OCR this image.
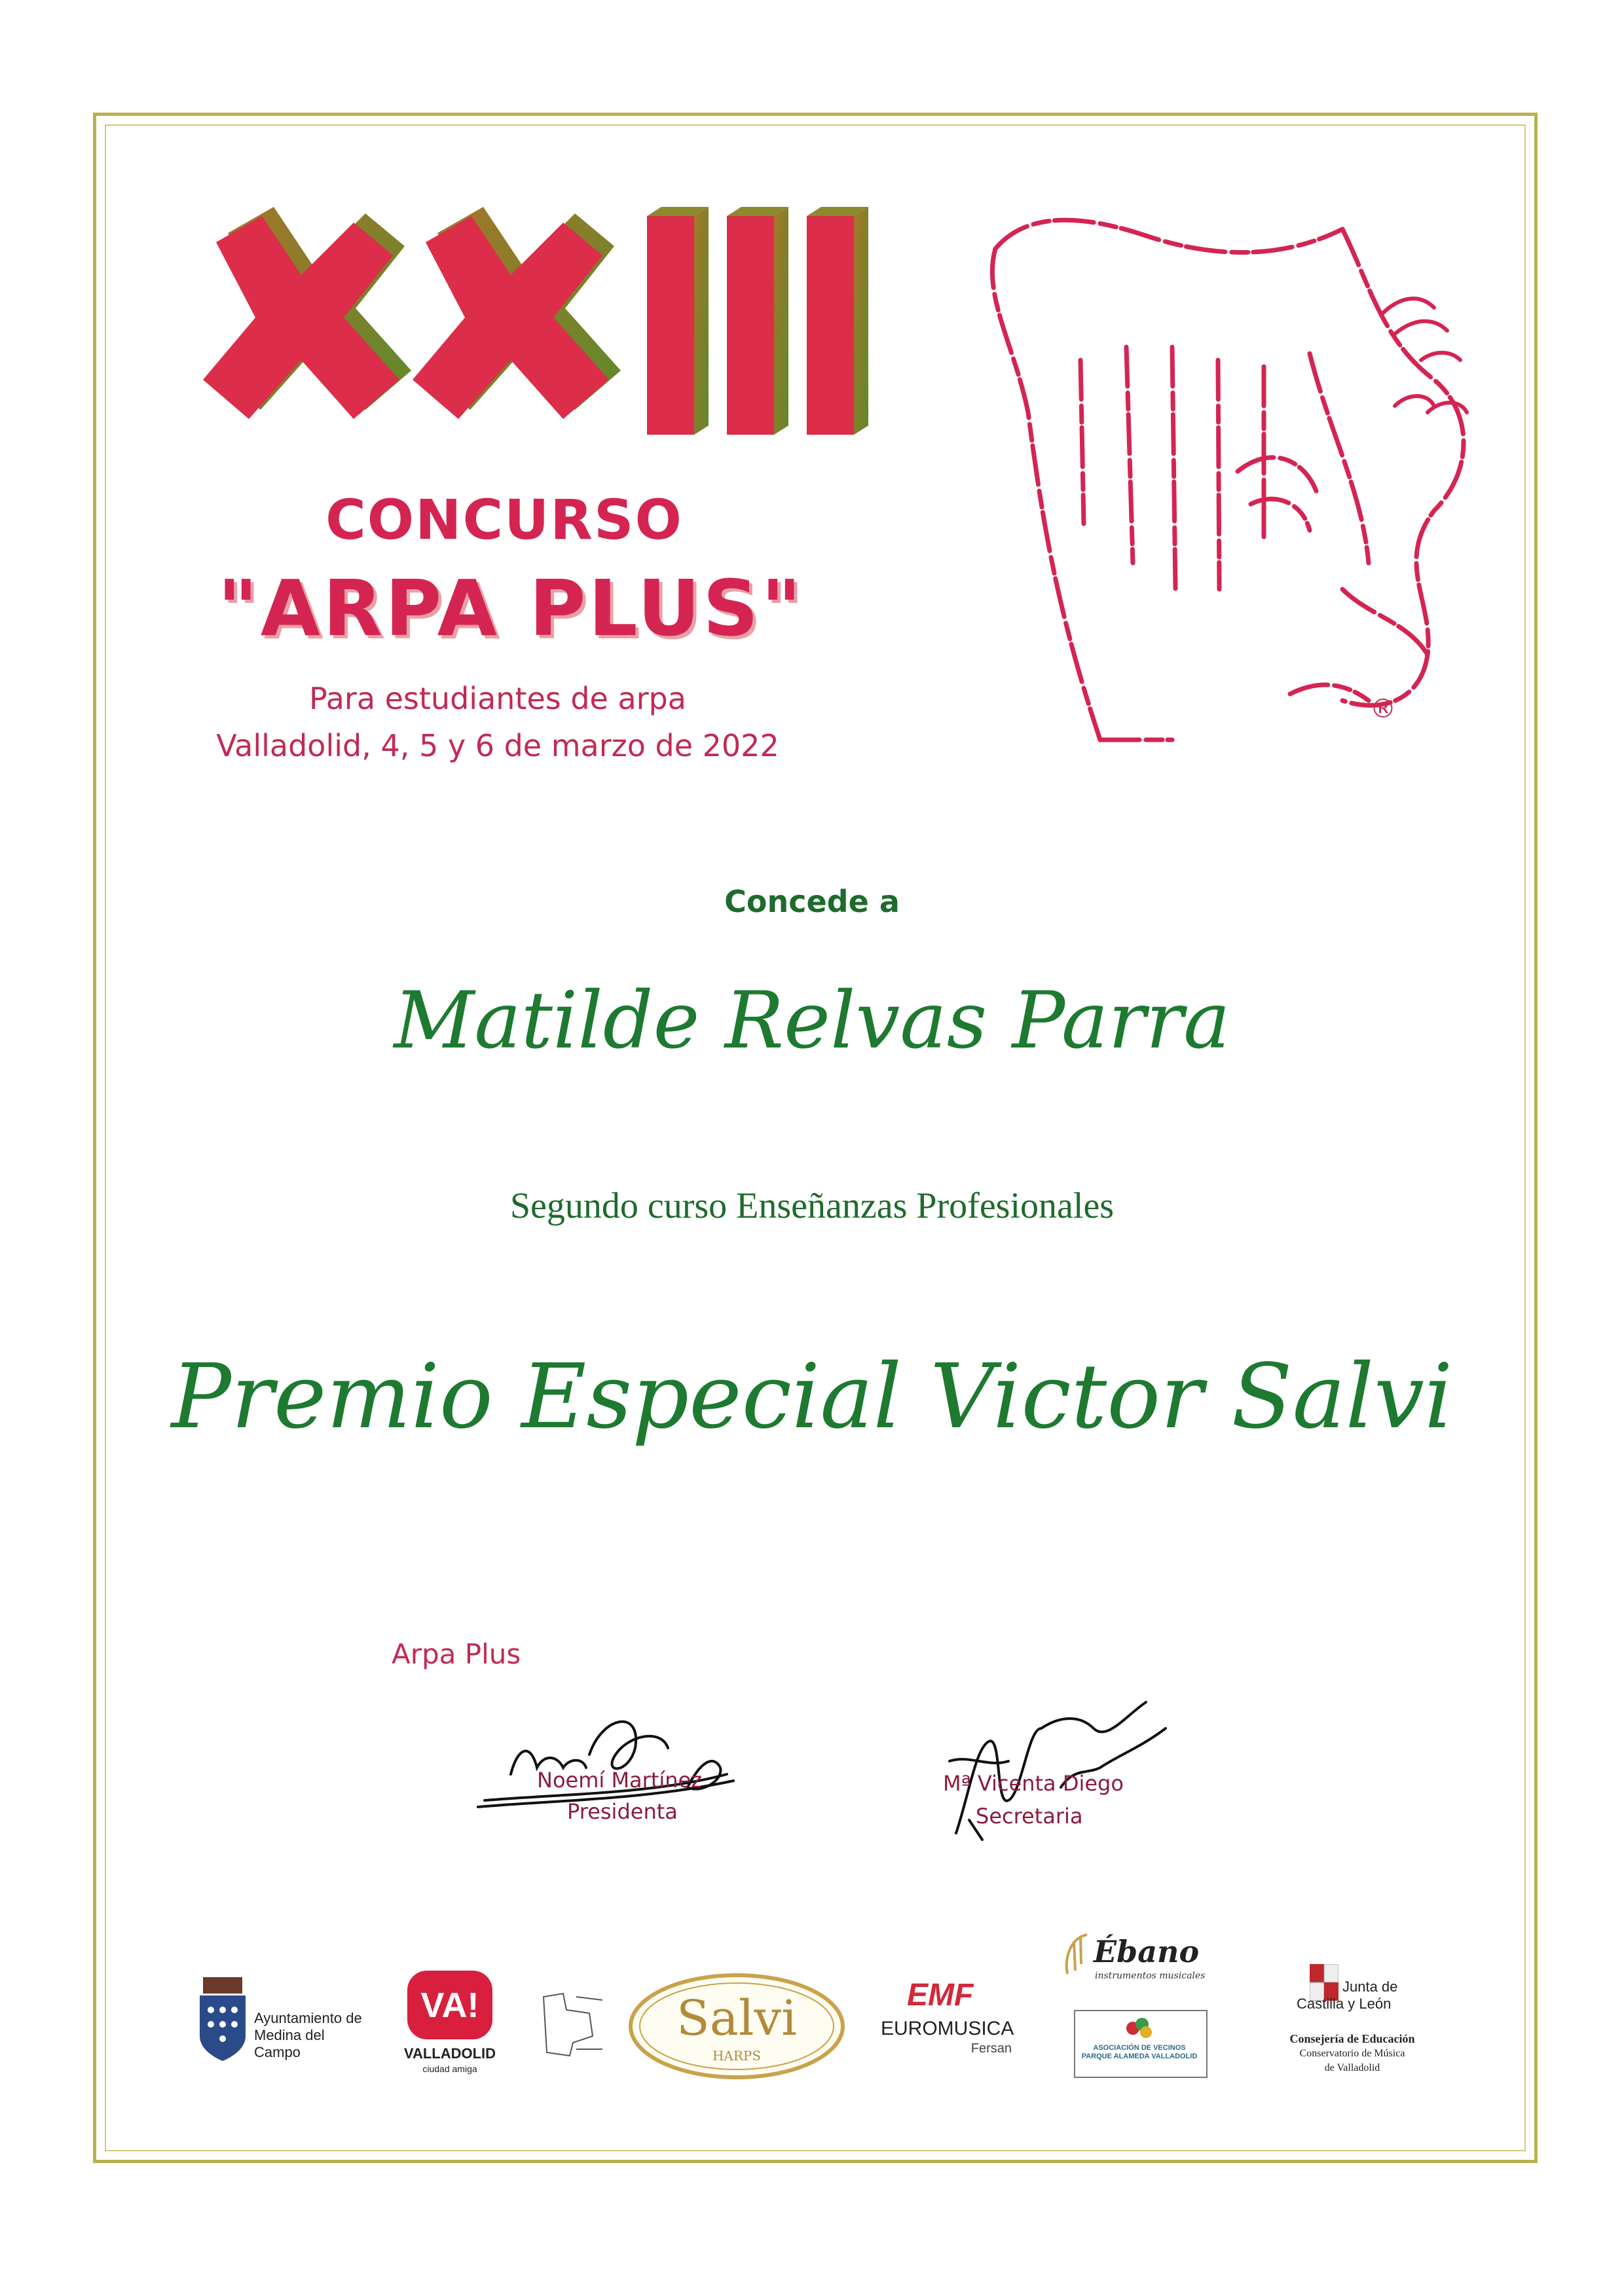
CONCURSO
"ARPA PLUS"
Para estudiantes de arpa
Valladolid, 4, 5 y 6 de marzo de 2022
®
Concede a
Matilde Relvas Parra
Segundo curso Enseñanzas Profesionales
Premio Especial Victor Salvi
Arpa Plus
Noemí Martínez
Presidenta
Mª Vicenta Diego
Secretaria
Ayuntamiento de
Medina del Campo
VA!
VALLADOLID
ciudad amiga
Salvi
HARPS
EMF
EUROMUSICA
Fersan
Ébano
instrumentos musicales
ASOCIACIÓN DE VECINOS PARQUE ALAMEDA VALLADOLID
Junta de
Castilla y León
Consejería de Educación
Conservatorio de Música
de Valladolid
